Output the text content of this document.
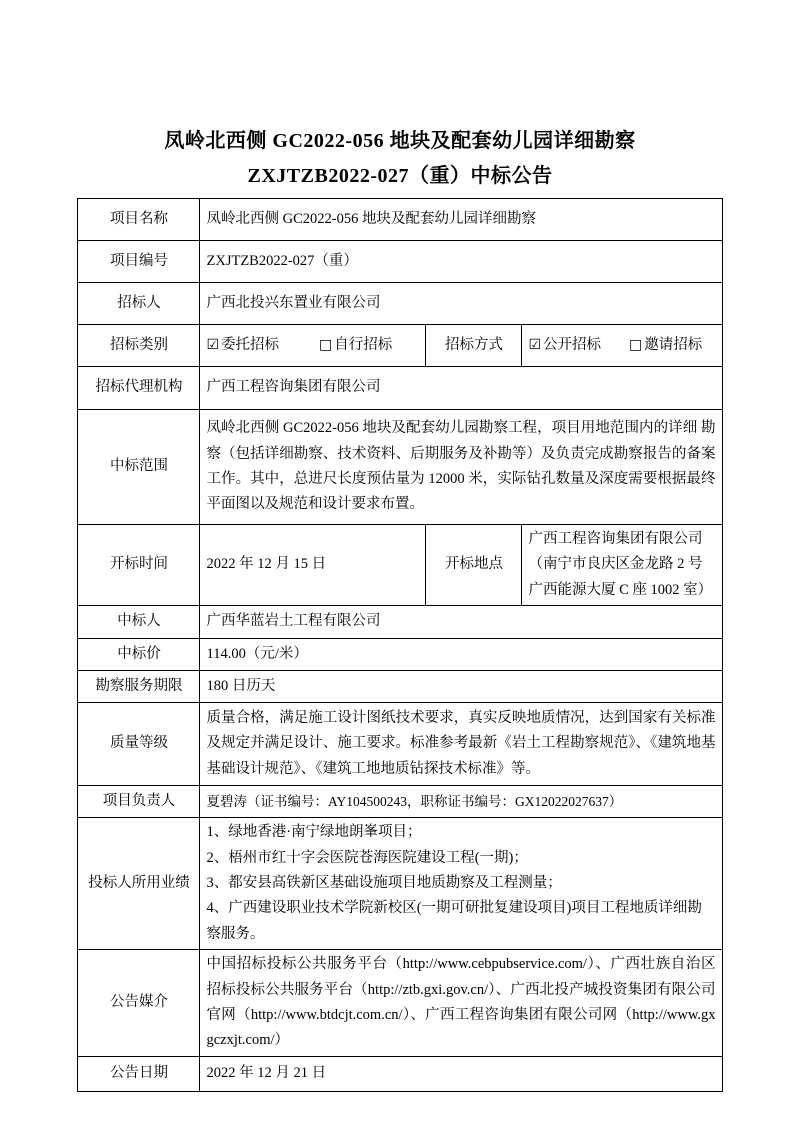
凤岭北西侧 GC2022-056 地块及配套幼儿园详细勘察
ZXJTZB2022-027（重）中标公告
项目名称	凤岭北西侧 GC2022-056 地块及配套幼儿园详细勘察		
项目编号	ZXJTZB2022-027（重）		
招标人	广西北投兴东置业有限公司		
招标类别	☑ 委托招标 □ 自行招标	招标方式	☑ 公开招标 □ 邀请招标
招标代理机构	广西工程咨询集团有限公司		
中标范围	凤岭北西侧 GC2022-056 地块及配套幼儿园勘察工程，项目用地范围内的详细 勘察（包括详细勘察、技术资料、后期服务及补勘等）及负责完成勘察报告的备案工作。其中，总进尺长度预估量为 12000 米，实际钻孔数量及深度需要根据最终平面图以及规范和设计要求布置。		
开标时间	2022 年 12 月 15 日	开标地点	广西工程咨询集团有限公司（南宁市良庆区金龙路 2 号广西能源大厦 C 座 1002 室）
中标人	广西华蓝岩土工程有限公司		
中标价	114.00（元/米）		
勘察服务期限	180 日历天		
质量等级	质量合格，满足施工设计图纸技术要求，真实反映地质情况，达到国家有关标准及规定并满足设计、施工要求。标准参考最新《岩土工程勘察规范》、《建筑地基基础设计规范》、《建筑工地地质钻探技术标准》等。		
项目负责人	夏碧涛（证书编号：AY104500243，职称证书编号：GX12022027637）		
投标人所用业绩	1、绿地香港·南宁绿地朗峯项目；
2、梧州市红十字会医院苍海医院建设工程(一期)；
3、都安县高铁新区基础设施项目地质勘察及工程测量；
4、广西建设职业技术学院新校区(一期可研批复建设项目)项目工程地质详细勘察服务。		

公告媒介	中国招标投标公共服务平台（http://www.cebpubservice.com/）、广西壮族自治区招标投标公共服务平台（http://ztb.gxi.gov.cn/）、广西北投产城投资集团有限公司官网（http://www.btdcjt.com.cn/）、广西工程咨询集团有限公司网（http://www.gxgczxjt.com/）		
公告日期	2022 年 12 月 21 日		
